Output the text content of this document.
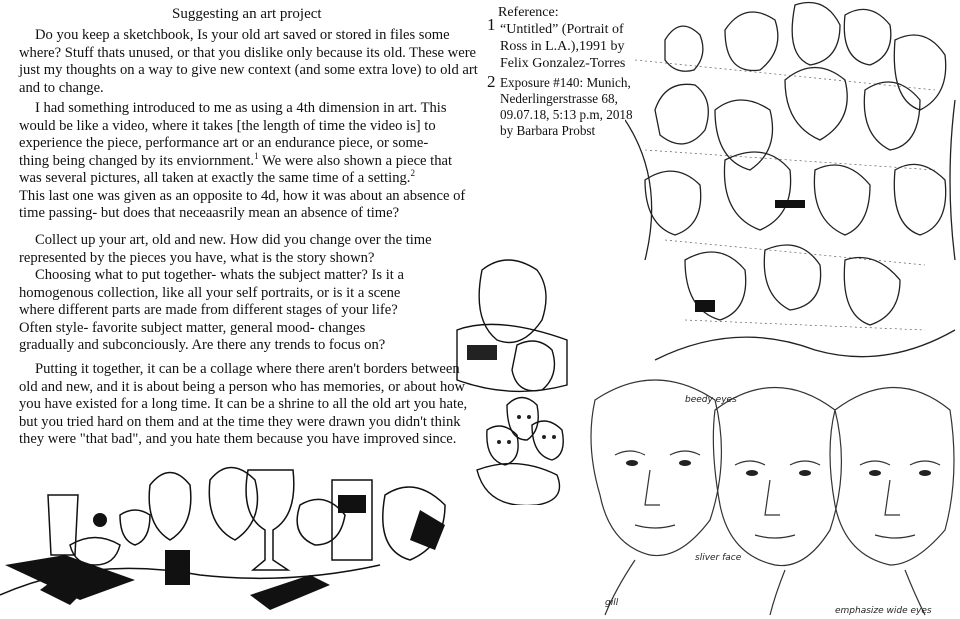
Suggesting an art project
Do you keep a sketchbook, Is your old art saved or stored in files some
where? Stuff thats unused, or that you dislike only because its old. These were
just my thoughts on a way to give new context (and some extra love) to old art
and to change.
I had something introduced to me as using a 4th dimension in art. This
would be like a video, where it takes [the length of time the video is] to
experience the piece, performance art or an endurance piece, or some-
thing being changed by its enviornment.$^1$ We were also shown a piece that
was several pictures, all taken at exactly the same time of a setting.$^2$
This last one was given as an opposite to 4d, how it was about an absence of
time passing- but does that neceaasrily mean an absence of time?
Collect up your art, old and new. How did you change over the time
represented by the pieces you have, what is the story shown?
Choosing what to put together- whats the subject matter? Is it a
homogenous collection, like all your self portraits, or is it a scene
where different parts are made from different stages of your life?
Often style- favorite subject matter, general mood- changes
gradually and subconciously. Are there any trends to focus on?
Putting it together, it can be a collage where there aren't borders between
old and new, and it is about being a person who has memories, or about how
you have existed for a long time. It can be a shrine to all the old art you hate,
but you tried hard on them and at the time they were drawn you didn't think
they were "that bad", and you hate them because you have improved since.
Reference:
1 “Untitled” (Portrait of
Ross in L.A.),1991 by
Felix Gonzalez-Torres
2 Exposure #140: Munich,
Nederlingerstrasse 68,
09.07.18, 5:13 p.m, 2018
by Barbara Probst
beedy eyes
sliver face
gill
emphasize wide eyes
